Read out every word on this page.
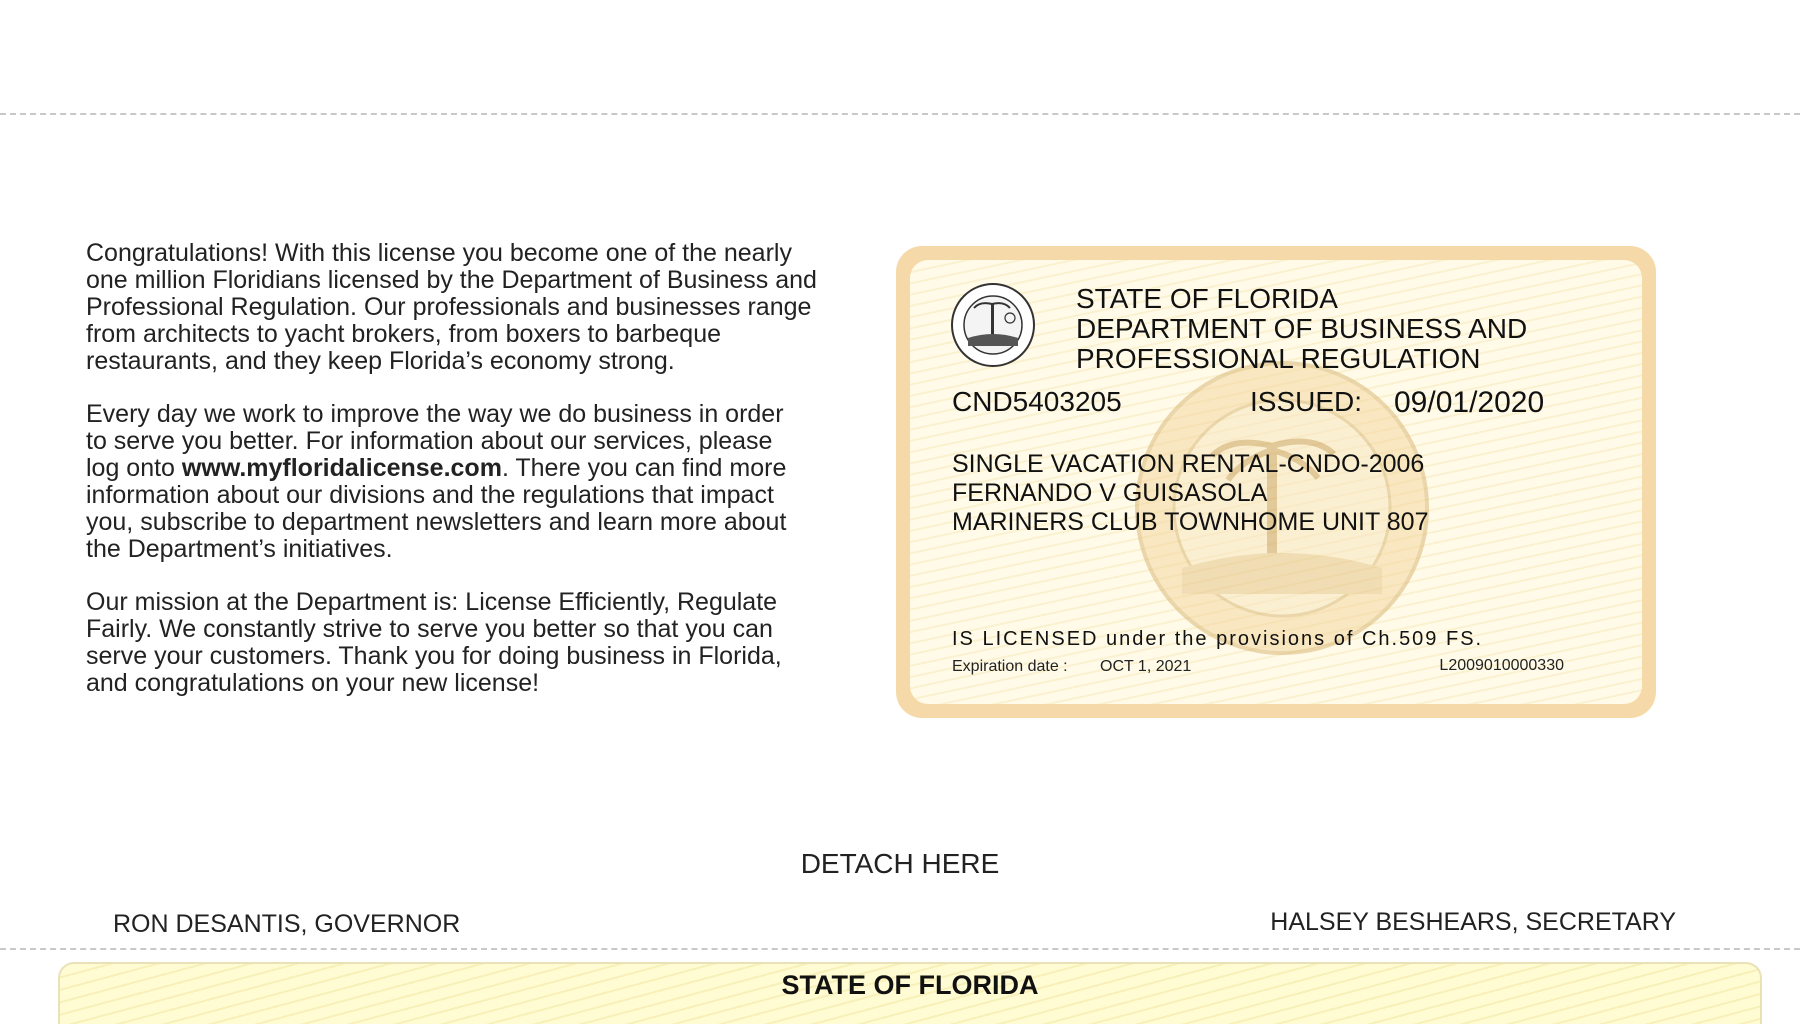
Congratulations! With this license you become one of the nearly
one million Floridians licensed by the Department of Business and
Professional Regulation. Our professionals and businesses range
from architects to yacht brokers, from boxers to barbeque
restaurants, and they keep Florida’s economy strong.

Every day we work to improve the way we do business in order
to serve you better. For information about our services, please
log onto www.myfloridalicense.com. There you can find more
information about our divisions and the regulations that impact
you, subscribe to department newsletters and learn more about
the Department’s initiatives.

Our mission at the Department is: License Efficiently, Regulate
Fairly. We constantly strive to serve you better so that you can
serve your customers. Thank you for doing business in Florida,
and congratulations on your new license!

STATE OF FLORIDA
DEPARTMENT OF BUSINESS AND
PROFESSIONAL REGULATION
CND5403205	ISSUED: 09/01/2020
SINGLE VACATION RENTAL-CNDO-2006
FERNANDO V GUISASOLA
MARINERS CLUB TOWNHOME UNIT 807
IS LICENSED under the provisions of Ch.509 FS.
Expiration date : OCT 1, 2021	L2009010000330
DETACH HERE
RON DESANTIS, GOVERNOR	HALSEY BESHEARS, SECRETARY
STATE OF FLORIDA
